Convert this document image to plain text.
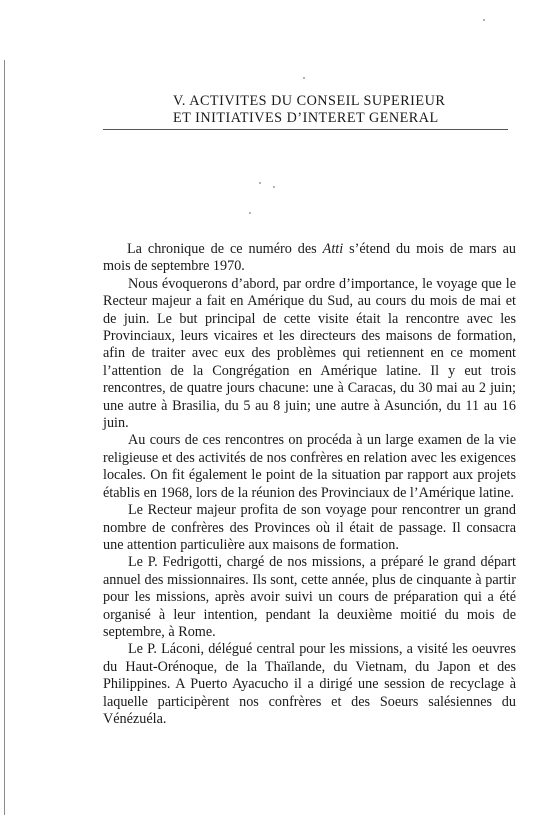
V. ACTIVITES DU CONSEIL SUPERIEUR
ET INITIATIVES D’INTERET GENERAL

La chronique de ce numéro des Atti s’étend du mois de mars au mois de septembre 1970.

Nous évoquerons d’abord, par ordre d’importance, le voyage que le Recteur majeur a fait en Amérique du Sud, au cours du mois de mai et de juin. Le but principal de cette visite était la rencontre avec les Provinciaux, leurs vicaires et les directeurs des maisons de formation, afin de traiter avec eux des problèmes qui retiennent en ce moment l’attention de la Congrégation en Amérique latine. Il y eut trois rencontres, de quatre jours chacune: une à Caracas, du 30 mai au 2 juin; une autre à Brasilia, du 5 au 8 juin; une autre à Asunción, du 11 au 16 juin.

Au cours de ces rencontres on procéda à un large examen de la vie religieuse et des activités de nos confrères en relation avec les exigences locales. On fit également le point de la situation par rapport aux projets établis en 1968, lors de la réunion des Provinciaux de l’Amérique latine.

Le Recteur majeur profita de son voyage pour rencontrer un grand nombre de confrères des Provinces où il était de passage. Il consacra une attention particulière aux maisons de formation.

Le P. Fedrigotti, chargé de nos missions, a préparé le grand départ annuel des missionnaires. Ils sont, cette année, plus de cinquante à partir pour les missions, après avoir suivi un cours de préparation qui a été organisé à leur intention, pendant la deuxième moitié du mois de septembre, à Rome.

Le P. Láconi, délégué central pour les missions, a visité les oeuvres du Haut-Orénoque, de la Thaïlande, du Vietnam, du Japon et des Philippines. A Puerto Ayacucho il a dirigé une session de recyclage à laquelle participèrent nos confrères et des Soeurs salésiennes du Vénézuéla.
